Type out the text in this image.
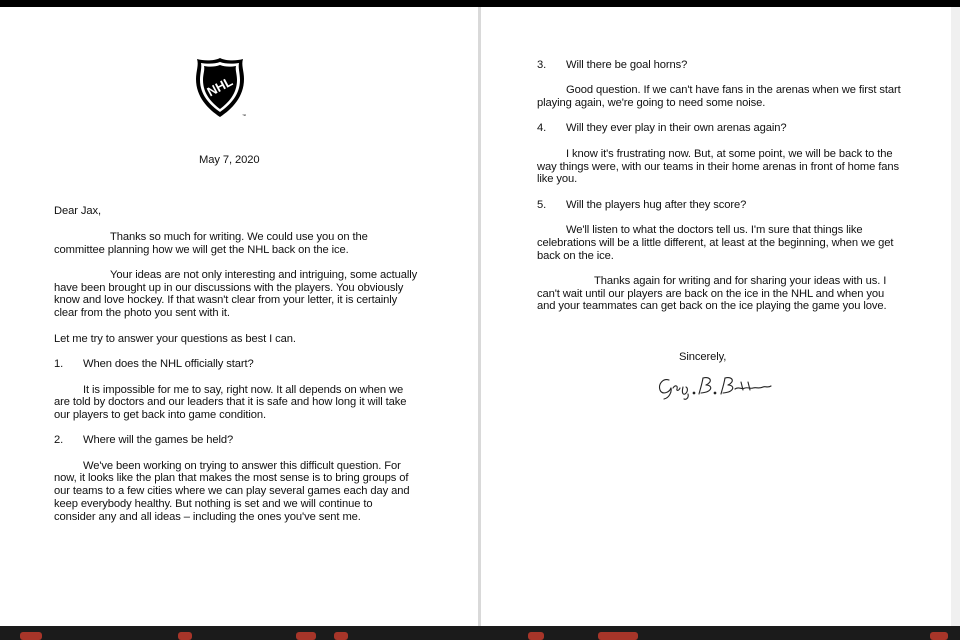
NHL
™
May 7, 2020
Dear Jax,
Thanks so much for writing. We could use you on the
committee planning how we will get the NHL back on the ice.
Your ideas are not only interesting and intriguing, some actually
have been brought up in our discussions with the players. You obviously
know and love hockey. If that wasn't clear from your letter, it is certainly
clear from the photo you sent with it.
Let me try to answer your questions as best I can.
1. When does the NHL officially start?
It is impossible for me to say, right now. It all depends on when we
are told by doctors and our leaders that it is safe and how long it will take
our players to get back into game condition.
2. Where will the games be held?
We've been working on trying to answer this difficult question. For
now, it looks like the plan that makes the most sense is to bring groups of
our teams to a few cities where we can play several games each day and
keep everybody healthy. But nothing is set and we will continue to
consider any and all ideas – including the ones you've sent me.
3. Will there be goal horns?
Good question. If we can't have fans in the arenas when we first start
playing again, we're going to need some noise.
4. Will they ever play in their own arenas again?
I know it's frustrating now. But, at some point, we will be back to the
way things were, with our teams in their home arenas in front of home fans
like you.
5. Will the players hug after they score?
We'll listen to what the doctors tell us. I'm sure that things like
celebrations will be a little different, at least at the beginning, when we get
back on the ice.
Thanks again for writing and for sharing your ideas with us. I
can't wait until our players are back on the ice in the NHL and when you
and your teammates can get back on the ice playing the game you love.
Sincerely,
